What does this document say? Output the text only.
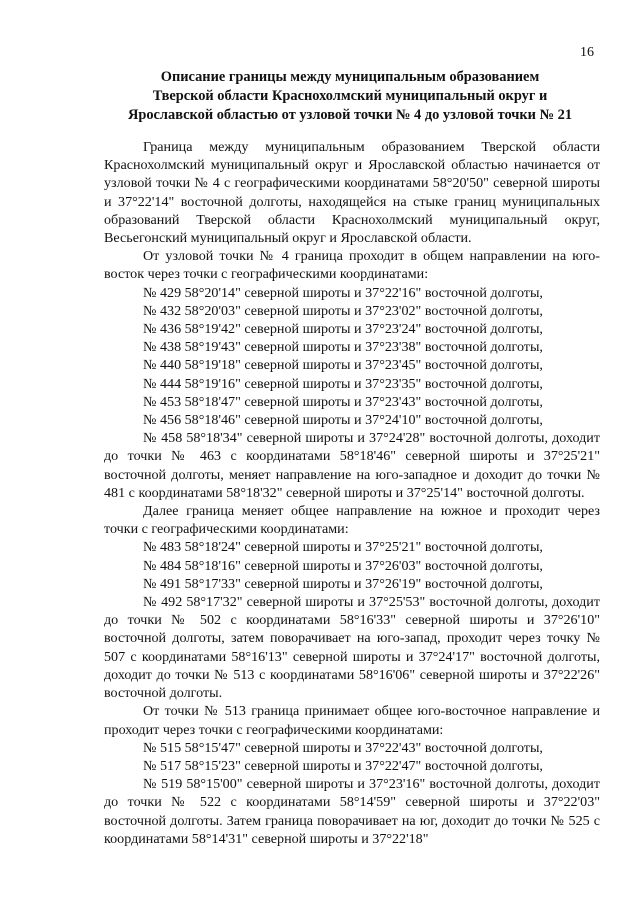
16
Описание границы между муниципальным образованием
Тверской области Краснохолмский муниципальный округ и
Ярославской областью от узловой точки № 4 до узловой точки № 21

Граница между муниципальным образованием Тверской области Краснохолмский муниципальный округ и Ярославской областью начинается от узловой точки № 4 с географическими координатами 58°20'50" северной широты и 37°22'14" восточной долготы, находящейся на стыке границ муниципальных образований Тверской области Краснохолмский муниципальный округ, Весьегонский муниципальный округ и Ярославской области.

От узловой точки № 4 граница проходит в общем направлении на юго-восток через точки с географическими координатами:

№ 429 58°20'14" северной широты и 37°22'16" восточной долготы,

№ 432 58°20'03" северной широты и 37°23'02" восточной долготы,

№ 436 58°19'42" северной широты и 37°23'24" восточной долготы,

№ 438 58°19'43" северной широты и 37°23'38" восточной долготы,

№ 440 58°19'18" северной широты и 37°23'45" восточной долготы,

№ 444 58°19'16" северной широты и 37°23'35" восточной долготы,

№ 453 58°18'47" северной широты и 37°23'43" восточной долготы,

№ 456 58°18'46" северной широты и 37°24'10" восточной долготы,

№ 458 58°18'34" северной широты и 37°24'28" восточной долготы, доходит до точки № 463 с координатами 58°18'46" северной широты и 37°25'21" восточной долготы, меняет направление на юго-западное и доходит до точки № 481 с координатами 58°18'32" северной широты и 37°25'14" восточной долготы.

Далее граница меняет общее направление на южное и проходит через точки с географическими координатами:

№ 483 58°18'24" северной широты и 37°25'21" восточной долготы,

№ 484 58°18'16" северной широты и 37°26'03" восточной долготы,

№ 491 58°17'33" северной широты и 37°26'19" восточной долготы,

№ 492 58°17'32" северной широты и 37°25'53" восточной долготы, доходит до точки № 502 с координатами 58°16'33" северной широты и 37°26'10" восточной долготы, затем поворачивает на юго-запад, проходит через точку № 507 с координатами 58°16'13" северной широты и 37°24'17" восточной долготы, доходит до точки № 513 с координатами 58°16'06" северной широты и 37°22'26" восточной долготы.

От точки № 513 граница принимает общее юго-восточное направление и проходит через точки с географическими координатами:

№ 515 58°15'47" северной широты и 37°22'43" восточной долготы,

№ 517 58°15'23" северной широты и 37°22'47" восточной долготы,

№ 519 58°15'00" северной широты и 37°23'16" восточной долготы, доходит до точки № 522 с координатами 58°14'59" северной широты и 37°22'03" восточной долготы. Затем граница поворачивает на юг, доходит до точки № 525 с координатами 58°14'31" северной широты и 37°22'18"
